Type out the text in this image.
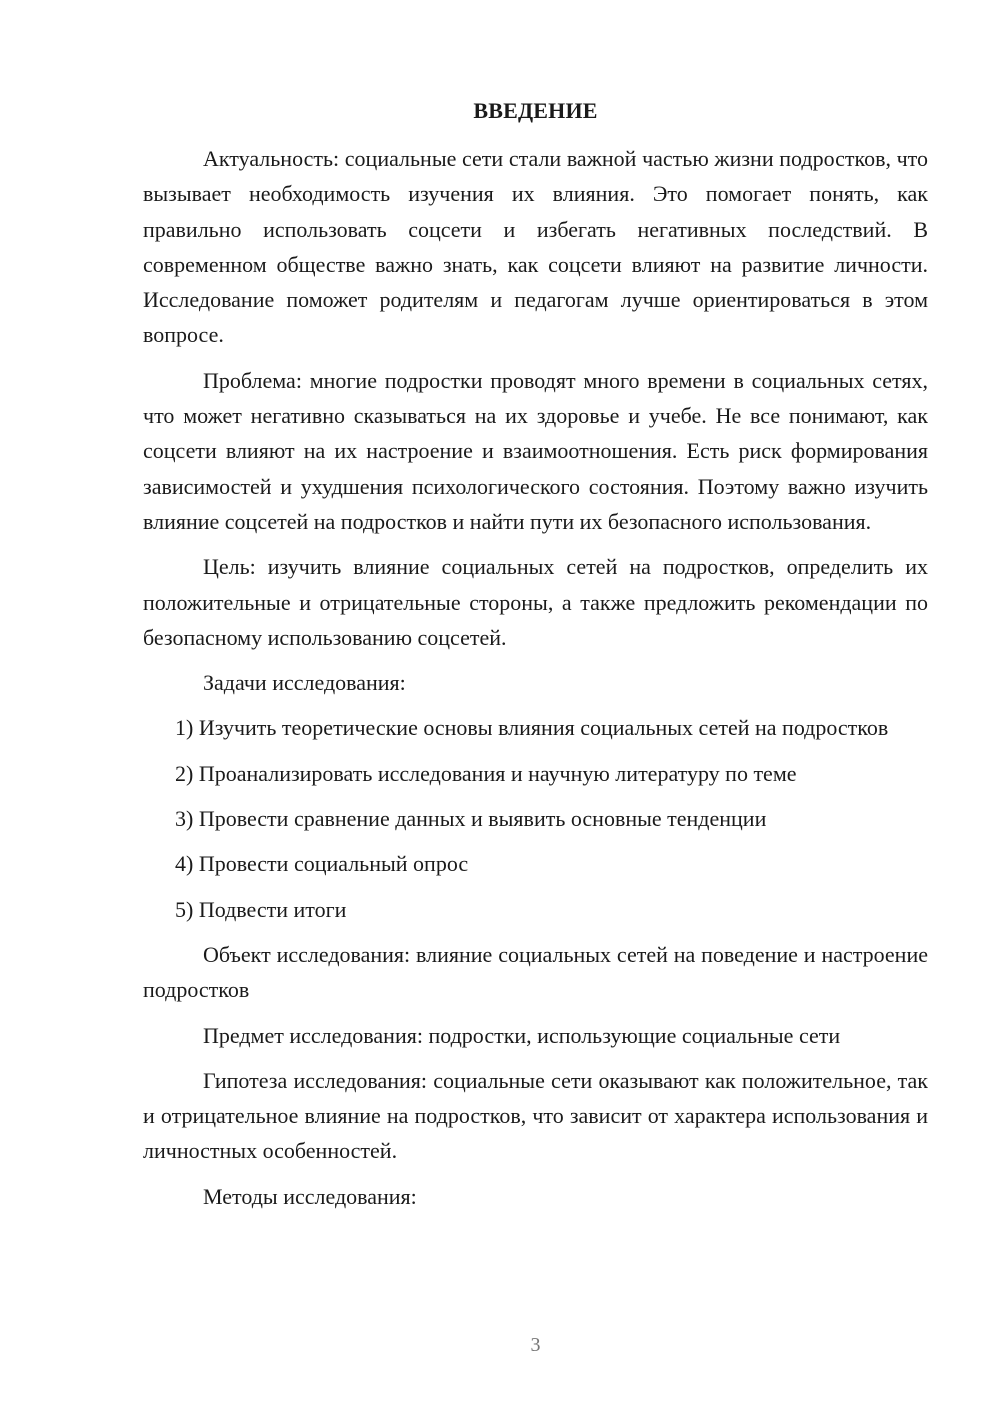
ВВЕДЕНИЕ

Актуальность: социальные сети стали важной частью жизни подростков, что вызывает необходимость изучения их влияния. Это помогает понять, как правильно использовать соцсети и избегать негативных последствий. В современном обществе важно знать, как соцсети влияют на развитие личности. Исследование поможет родителям и педагогам лучше ориентироваться в этом вопросе.

Проблема: многие подростки проводят много времени в социальных сетях, что может негативно сказываться на их здоровье и учебе. Не все понимают, как соцсети влияют на их настроение и взаимоотношения. Есть риск формирования зависимостей и ухудшения психологического состояния. Поэтому важно изучить влияние соцсетей на подростков и найти пути их безопасного использования.

Цель: изучить влияние социальных сетей на подростков, определить их положительные и отрицательные стороны, а также предложить рекомендации по безопасному использованию соцсетей.

Задачи исследования:

1) Изучить теоретические основы влияния социальных сетей на подростков

2) Проанализировать исследования и научную литературу по теме

3) Провести сравнение данных и выявить основные тенденции

4) Провести социальный опрос

5) Подвести итоги

Объект исследования: влияние социальных сетей на поведение и настроение подростков

Предмет исследования: подростки, использующие социальные сети

Гипотеза исследования: социальные сети оказывают как положительное, так и отрицательное влияние на подростков, что зависит от характера использования и личностных особенностей.

Методы исследования:

3
